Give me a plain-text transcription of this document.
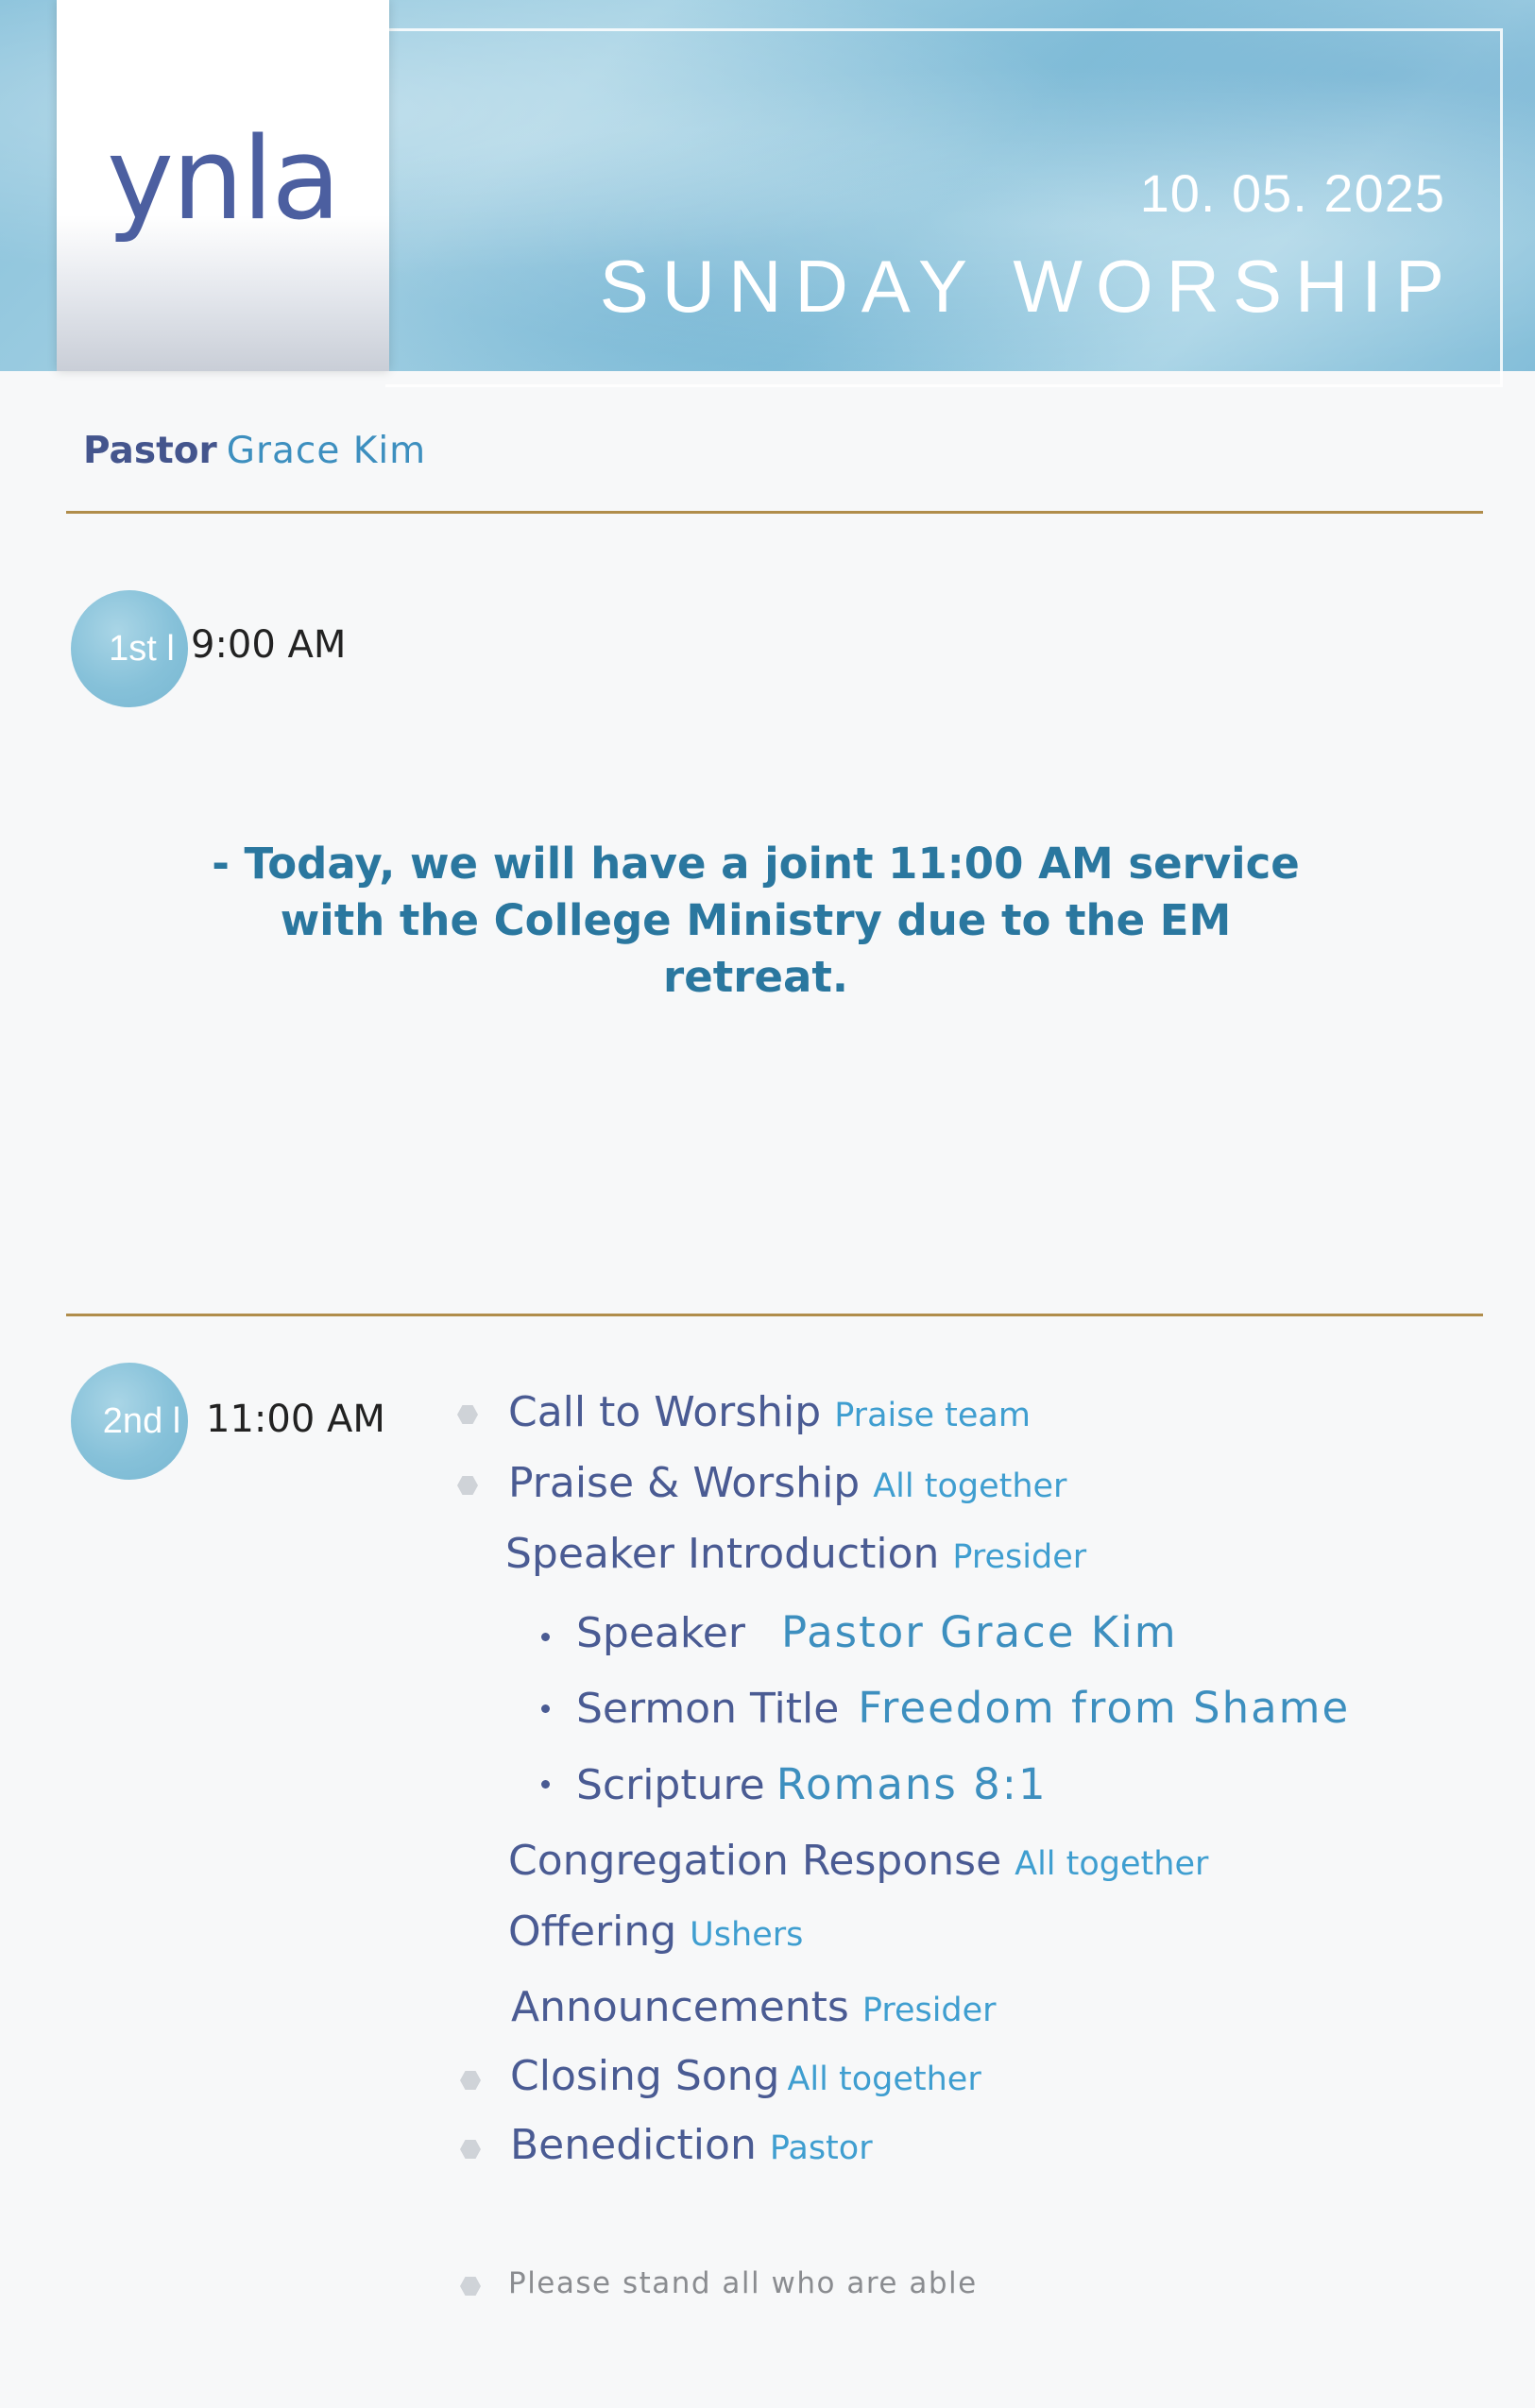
ynla	10. 05. 2025
SUNDAY WORSHIP
Pastor Grace Kim
1st l 9:00 AM
- Today, we will have a joint 11:00 AM service
with the College Ministry due to the EM retreat.
2nd l 11:00 AM	Call to Worship Praise team
Praise & Worship All together
Speaker Introduction Presider
Speaker Pastor Grace Kim
Sermon Title Freedom from Shame
Scripture Romans 8:1
Congregation Response All together
Offering Ushers
Announcements Presider
Closing Song All together
Benediction Pastor
Please stand all who are able
